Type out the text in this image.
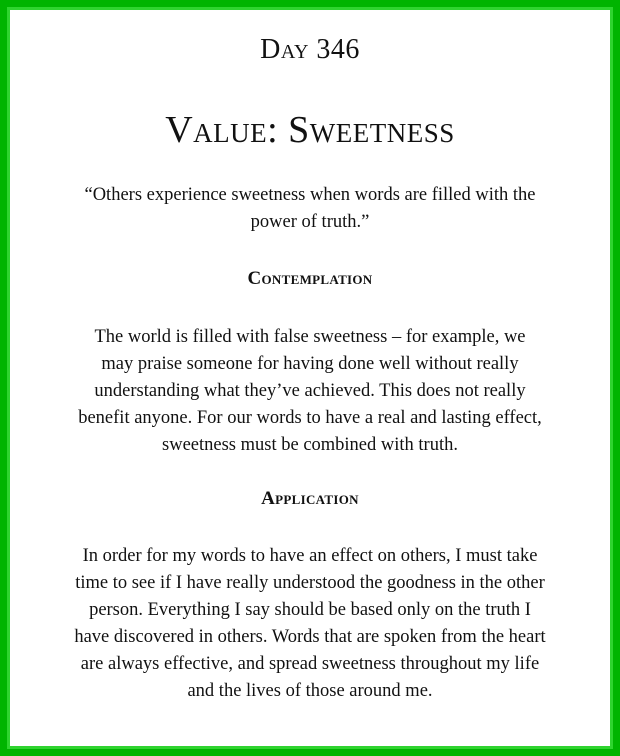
Day 346
Value: Sweetness
“Others experience sweetness when words are filled with the
power of truth.”
Contemplation
The world is filled with false sweetness – for example, we
may praise someone for having done well without really
understanding what they’ve achieved. This does not really
benefit anyone. For our words to have a real and lasting effect,
sweetness must be combined with truth.
Application
In order for my words to have an effect on others, I must take
time to see if I have really understood the goodness in the other
person. Everything I say should be based only on the truth I
have discovered in others. Words that are spoken from the heart
are always effective, and spread sweetness throughout my life
and the lives of those around me.
